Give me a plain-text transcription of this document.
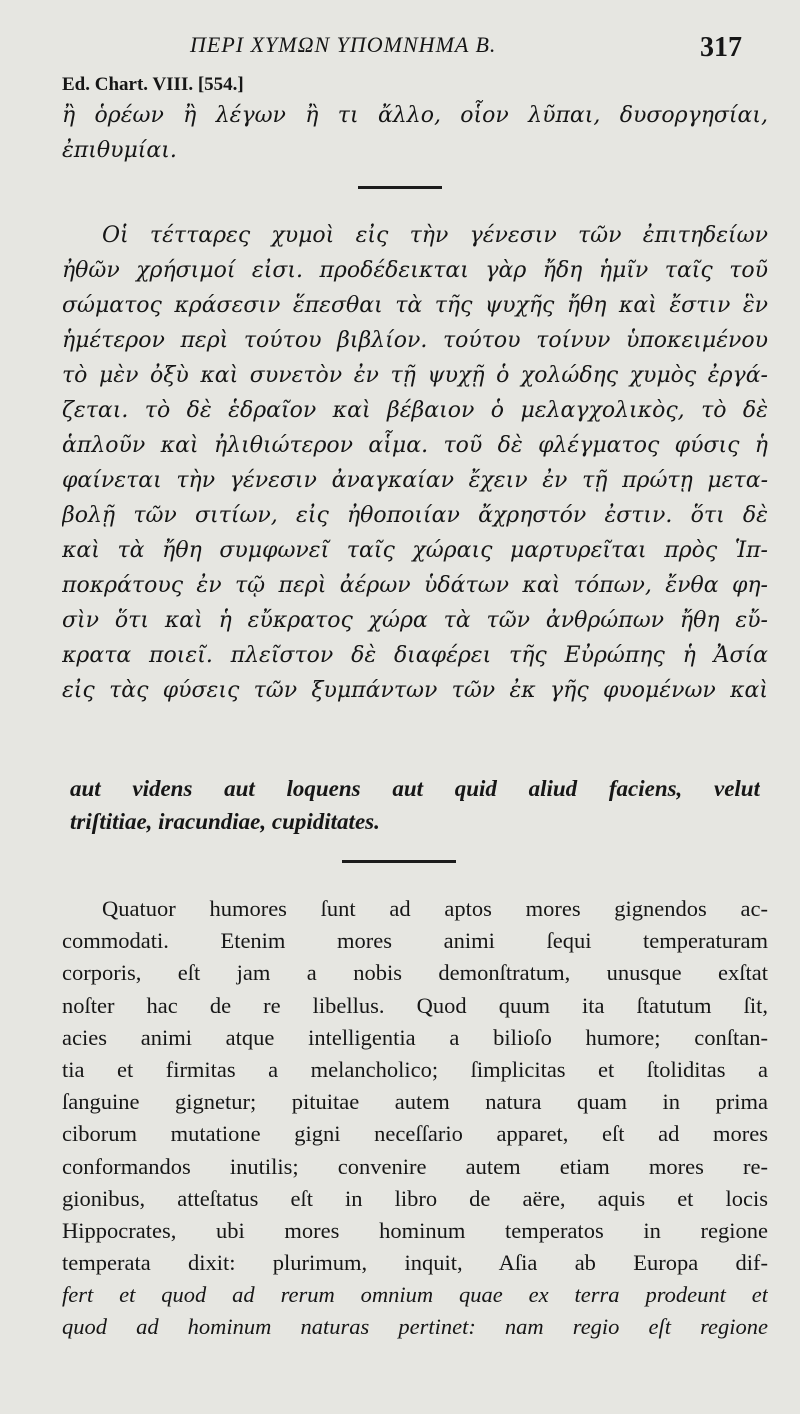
ΠΕΡΙ ΧΥΜΩΝ ΥΠΟΜΝΗΜΑ Β.	317
Ed. Chart. VIII. [554.]
ἢ ὁρέων ἢ λέγων ἢ τι ἄλλο, οἷον λῦπαι, δυσοργησίαι,
ἐπιθυμίαι.
Οἱ τέτταρες χυμοὶ εἰς τὴν γένεσιν τῶν ἐπιτηδείων
ἠθῶν χρήσιμοί εἰσι. προδέδεικται γὰρ ἤδη ἡμῖν ταῖς τοῦ
σώματος κράσεσιν ἕπεσθαι τὰ τῆς ψυχῆς ἤθη καὶ ἔστιν ἓν
ἡμέτερον περὶ τούτου βιβλίον. τούτου τοίνυν ὑποκειμένου
τὸ μὲν ὀξὺ καὶ συνετὸν ἐν τῇ ψυχῇ ὁ χολώδης χυμὸς ἐργά-
ζεται. τὸ δὲ ἑδραῖον καὶ βέβαιον ὁ μελαγχολικὸς, τὸ δὲ
ἁπλοῦν καὶ ἠλιθιώτερον αἷμα. τοῦ δὲ φλέγματος φύσις ἡ
φαίνεται τὴν γένεσιν ἀναγκαίαν ἔχειν ἐν τῇ πρώτῃ μετα-
βολῇ τῶν σιτίων, εἰς ἠθοποιίαν ἄχρηστόν ἐστιν. ὅτι δὲ
καὶ τὰ ἤθη συμφωνεῖ ταῖς χώραις μαρτυρεῖται πρὸς Ἱπ-
ποκράτους ἐν τῷ περὶ ἀέρων ὑδάτων καὶ τόπων, ἔνθα φη-
σὶν ὅτι καὶ ἡ εὔκρατος χώρα τὰ τῶν ἀνθρώπων ἤθη εὔ-
κρατα ποιεῖ. πλεῖστον δὲ διαφέρει τῆς Εὐρώπης ἡ Ἀσία
εἰς τὰς φύσεις τῶν ξυμπάντων τῶν ἐκ γῆς φυομένων καὶ
aut videns aut loquens aut quid aliud faciens, velut
triſtitiae, iracundiae, cupiditates.
Quatuor humores ſunt ad aptos mores gignendos ac-
commodati. Etenim mores animi ſequi temperaturam
corporis, eſt jam a nobis demonſtratum, unusque exſtat
noſter hac de re libellus. Quod quum ita ſtatutum ſit,
acies animi atque intelligentia a bilioſo humore; conſtan-
tia et firmitas a melancholico; ſimplicitas et ſtoliditas a
ſanguine gignetur; pituitae autem natura quam in prima
ciborum mutatione gigni neceſſario apparet, eſt ad mores
conformandos inutilis; convenire autem etiam mores re-
gionibus, atteſtatus eſt in libro de aëre, aquis et locis
Hippocrates, ubi mores hominum temperatos in regione
temperata dixit: plurimum, inquit, Aſia ab Europa dif-
fert et quod ad rerum omnium quae ex terra prodeunt et
quod ad hominum naturas pertinet: nam regio eſt regione
